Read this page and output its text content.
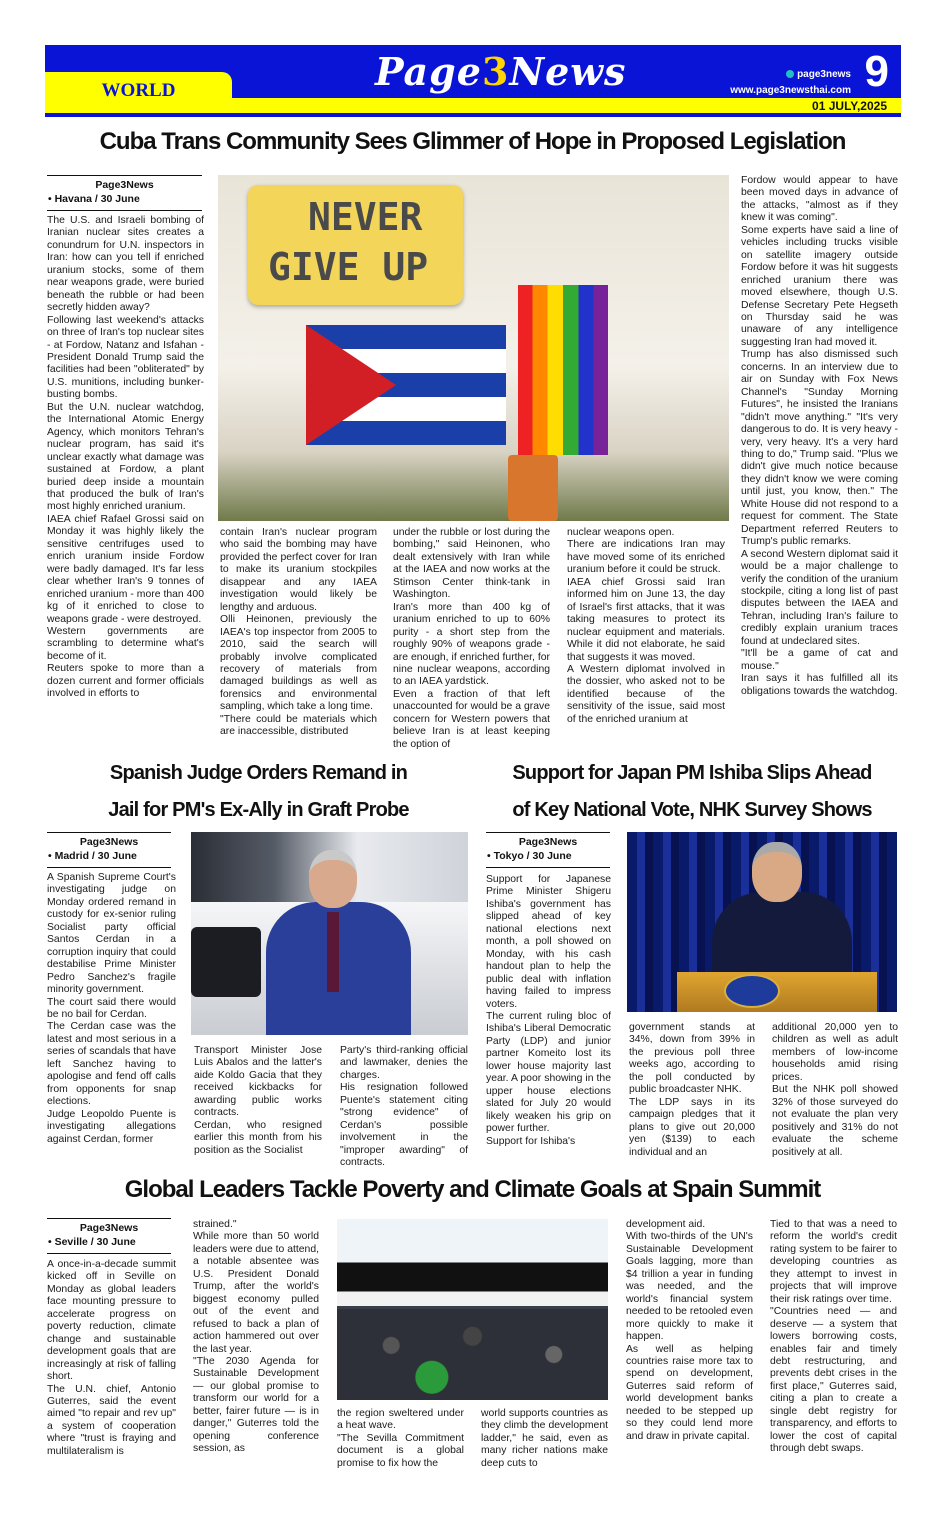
WORLD	Page3News	page3news
www.page3newsthai.com 9
01 JULY,2025
Cuba Trans Community Sees Glimmer of Hope in Proposed Legislation
Page3News
• Havana / 30 June

The U.S. and Israeli bombing of Iranian nuclear sites creates a conundrum for U.N. inspectors in Iran: how can you tell if enriched uranium stocks, some of them near weapons grade, were buried beneath the rubble or had been secretly hidden away?

Following last weekend's attacks on three of Iran's top nuclear sites - at Fordow, Natanz and Isfahan - President Donald Trump said the facilities had been "obliterated" by U.S. munitions, including bunker-busting bombs.

But the U.N. nuclear watchdog, the International Atomic Energy Agency, which monitors Tehran's nuclear program, has said it's unclear exactly what damage was sustained at Fordow, a plant buried deep inside a mountain that produced the bulk of Iran's most highly enriched uranium.

IAEA chief Rafael Grossi said on Monday it was highly likely the sensitive centrifuges used to enrich uranium inside Fordow were badly damaged. It's far less clear whether Iran's 9 tonnes of enriched uranium - more than 400 kg of it enriched to close to weapons grade - were destroyed.

Western governments are scrambling to determine what's become of it.

Reuters spoke to more than a dozen current and former officials involved in efforts to

NEVER
GIVE UP

contain Iran's nuclear program who said the bombing may have provided the perfect cover for Iran to make its uranium stockpiles disappear and any IAEA investigation would likely be lengthy and arduous.

Olli Heinonen, previously the IAEA's top inspector from 2005 to 2010, said the search will probably involve complicated recovery of materials from damaged buildings as well as forensics and environmental sampling, which take a long time.

"There could be materials which are inaccessible, distributed

under the rubble or lost during the bombing," said Heinonen, who dealt extensively with Iran while at the IAEA and now works at the Stimson Center think-tank in Washington.

Iran's more than 400 kg of uranium enriched to up to 60% purity - a short step from the roughly 90% of weapons grade - are enough, if enriched further, for nine nuclear weapons, according to an IAEA yardstick.

Even a fraction of that left unaccounted for would be a grave concern for Western powers that believe Iran is at least keeping the option of

nuclear weapons open.

There are indications Iran may have moved some of its enriched uranium before it could be struck.

IAEA chief Grossi said Iran informed him on June 13, the day of Israel's first attacks, that it was taking measures to protect its nuclear equipment and materials. While it did not elaborate, he said that suggests it was moved.

A Western diplomat involved in the dossier, who asked not to be identified because of the sensitivity of the issue, said most of the enriched uranium at

Fordow would appear to have been moved days in advance of the attacks, "almost as if they knew it was coming".

Some experts have said a line of vehicles including trucks visible on satellite imagery outside Fordow before it was hit suggests enriched uranium there was moved elsewhere, though U.S. Defense Secretary Pete Hegseth on Thursday said he was unaware of any intelligence suggesting Iran had moved it.

Trump has also dismissed such concerns. In an interview due to air on Sunday with Fox News Channel's "Sunday Morning Futures", he insisted the Iranians "didn't move anything." "It's very dangerous to do. It is very heavy - very, very heavy. It's a very hard thing to do," Trump said. "Plus we didn't give much notice because they didn't know we were coming until just, you know, then." The White House did not respond to a request for comment. The State Department referred Reuters to Trump's public remarks.

A second Western diplomat said it would be a major challenge to verify the condition of the uranium stockpile, citing a long list of past disputes between the IAEA and Tehran, including Iran's failure to credibly explain uranium traces found at undeclared sites.

"It'll be a game of cat and mouse."

Iran says it has fulfilled all its obligations towards the watchdog.

Spanish Judge Orders Remand in
Jail for PM's Ex-Ally in Graft Probe
Page3News
• Madrid / 30 June

A Spanish Supreme Court's investigating judge on Monday ordered remand in custody for ex-senior ruling Socialist party official Santos Cerdan in a corruption inquiry that could destabilise Prime Minister Pedro Sanchez's fragile minority government.

The court said there would be no bail for Cerdan.

The Cerdan case was the latest and most serious in a series of scandals that have left Sanchez having to apologise and fend off calls from opponents for snap elections.

Judge Leopoldo Puente is investigating allegations against Cerdan, former

Transport Minister Jose Luis Abalos and the latter's aide Koldo Gacia that they received kickbacks for awarding public works contracts.

Cerdan, who resigned earlier this month from his position as the Socialist

Party's third-ranking official and lawmaker, denies the charges.

His resignation followed Puente's statement citing "strong evidence" of Cerdan's possible involvement in the "improper awarding" of contracts.

Support for Japan PM Ishiba Slips Ahead
of Key National Vote, NHK Survey Shows
Page3News
• Tokyo / 30 June

Support for Japanese Prime Minister Shigeru Ishiba's government has slipped ahead of key national elections next month, a poll showed on Monday, with his cash handout plan to help the public deal with inflation having failed to impress voters.

The current ruling bloc of Ishiba's Liberal Democratic Party (LDP) and junior partner Komeito lost its lower house majority last year. A poor showing in the upper house elections slated for July 20 would likely weaken his grip on power further.

Support for Ishiba's

government stands at 34%, down from 39% in the previous poll three weeks ago, according to the poll conducted by public broadcaster NHK.

The LDP says in its campaign pledges that it plans to give out 20,000 yen ($139) to each individual and an

additional 20,000 yen to children as well as adult members of low-income households amid rising prices.

But the NHK poll showed 32% of those surveyed do not evaluate the plan very positively and 31% do not evaluate the scheme positively at all.

Global Leaders Tackle Poverty and Climate Goals at Spain Summit
Page3News
• Seville / 30 June

A once-in-a-decade summit kicked off in Seville on Monday as global leaders face mounting pressure to accelerate progress on poverty reduction, climate change and sustainable development goals that are increasingly at risk of falling short.

The U.N. chief, Antonio Guterres, said the event aimed "to repair and rev up" a system of cooperation where "trust is fraying and multilateralism is

strained."

While more than 50 world leaders were due to attend, a notable absentee was U.S. President Donald Trump, after the world's biggest economy pulled out of the event and refused to back a plan of action hammered out over the last year.

"The 2030 Agenda for Sustainable Development — our global promise to transform our world for a better, fairer future — is in danger," Guterres told the opening conference session, as

the region sweltered under a heat wave.

"The Sevilla Commitment document is a global promise to fix how the

world supports countries as they climb the development ladder," he said, even as many richer nations make deep cuts to

development aid.

With two-thirds of the UN's Sustainable Development Goals lagging, more than $4 trillion a year in funding was needed, and the world's financial system needed to be retooled even more quickly to make it happen.

As well as helping countries raise more tax to spend on development, Guterres said reform of world development banks needed to be stepped up so they could lend more and draw in private capital.

Tied to that was a need to reform the world's credit rating system to be fairer to developing countries as they attempt to invest in projects that will improve their risk ratings over time.

"Countries need — and deserve — a system that lowers borrowing costs, enables fair and timely debt restructuring, and prevents debt crises in the first place," Guterres said, citing a plan to create a single debt registry for transparency, and efforts to lower the cost of capital through debt swaps.
